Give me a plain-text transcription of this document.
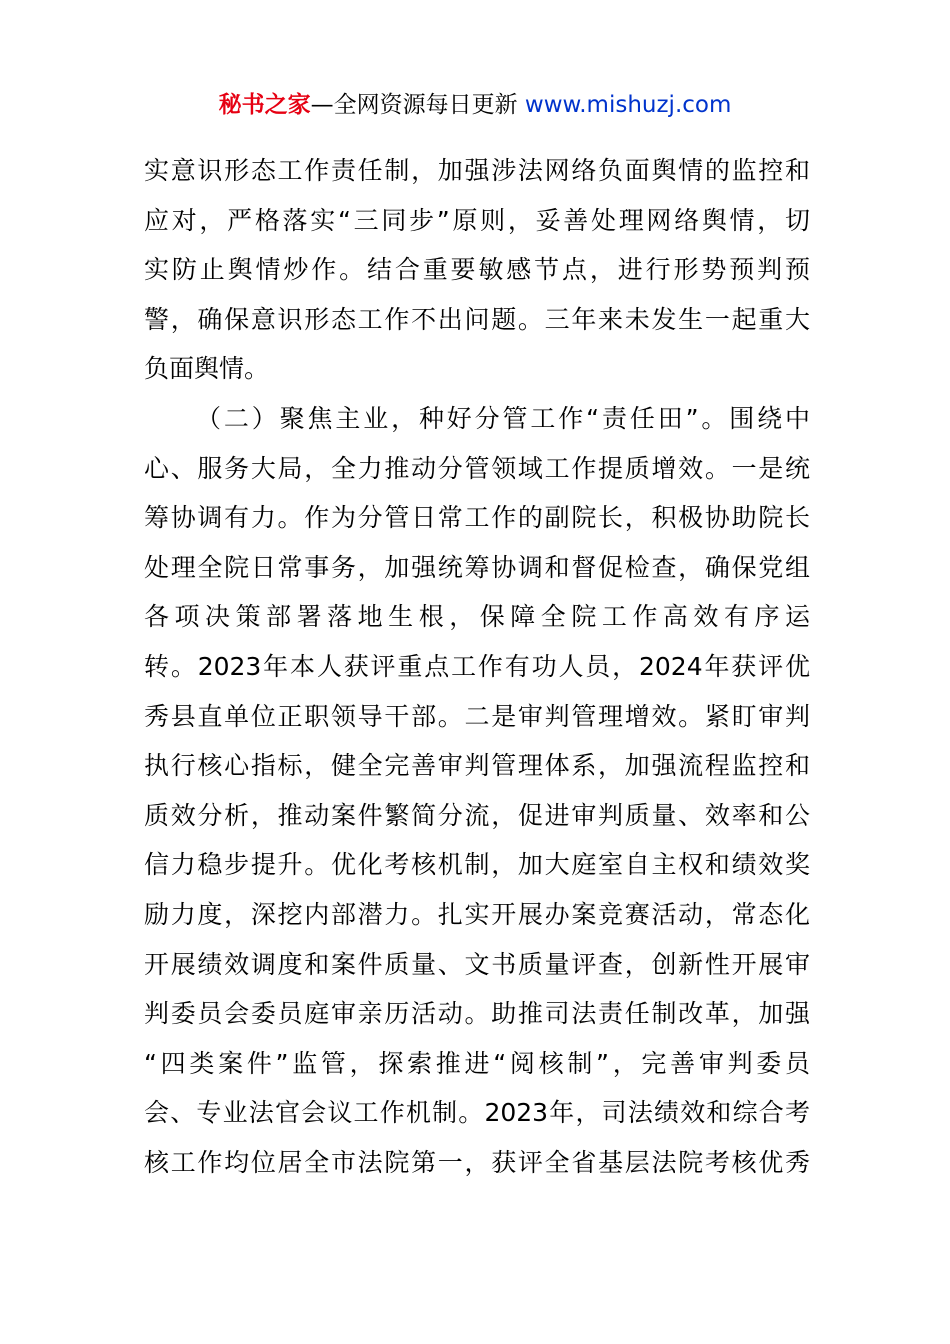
秘书之家—全网资源每日更新 www.mishuzj.com
实意识形态工作责任制，加强涉法网络负面舆情的监控和
应对，严格落实“三同步”原则，妥善处理网络舆情，切
实防止舆情炒作。结合重要敏感节点，进行形势预判预
警，确保意识形态工作不出问题。三年来未发生一起重大
负面舆情。
（二）聚焦主业，种好分管工作“责任田”。围绕中
心、服务大局，全力推动分管领域工作提质增效。一是统
筹协调有力。作为分管日常工作的副院长，积极协助院长
处理全院日常事务，加强统筹协调和督促检查，确保党组
各项决策部署落地生根，保障全院工作高效有序运
转。2023年本人获评重点工作有功人员，2024年获评优
秀县直单位正职领导干部。二是审判管理增效。紧盯审判
执行核心指标，健全完善审判管理体系，加强流程监控和
质效分析，推动案件繁简分流，促进审判质量、效率和公
信力稳步提升。优化考核机制，加大庭室自主权和绩效奖
励力度，深挖内部潜力。扎实开展办案竞赛活动，常态化
开展绩效调度和案件质量、文书质量评查，创新性开展审
判委员会委员庭审亲历活动。助推司法责任制改革，加强
“四类案件”监管，探索推进“阅核制”，完善审判委员
会、专业法官会议工作机制。2023年，司法绩效和综合考
核工作均位居全市法院第一，获评全省基层法院考核优秀
